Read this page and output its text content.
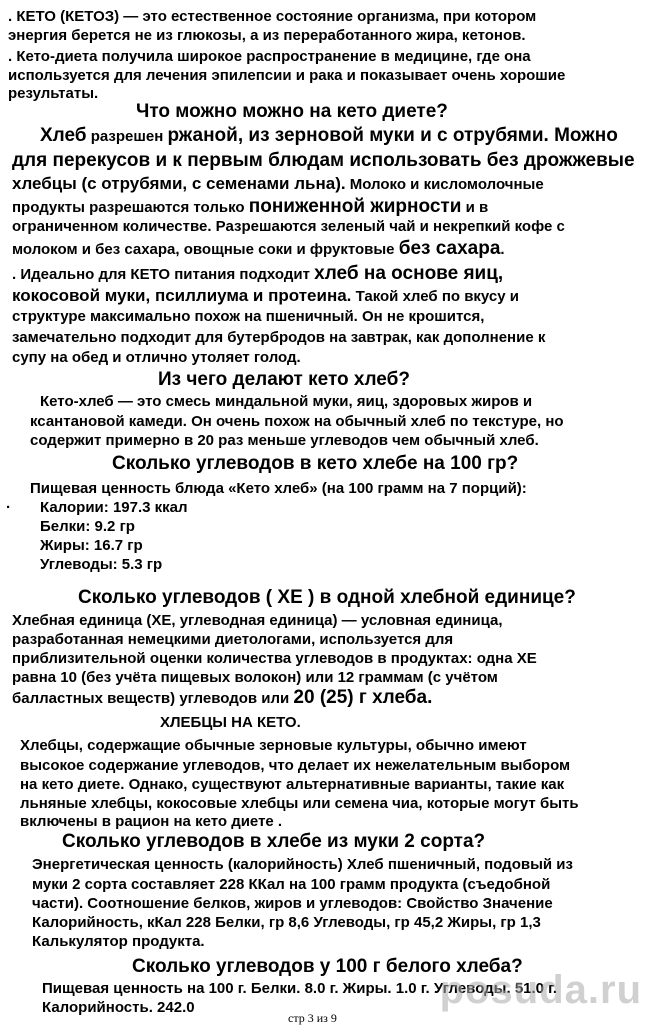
. КЕТО (КЕТОЗ) — это естественное состояние организма, при котором
энергия берется не из глюкозы, а из переработанного жира, кетонов.
. Кето-диета получила широкое распространение в медицине, где она
используется для лечения эпилепсии и рака и показывает очень хорошие
результаты.
Что можно можно на кето диете?
Хлеб разрешен ржаной, из зерновой муки и с отрубями. Можно
для перекусов и к первым блюдам использовать без дрожжевые
хлебцы (с отрубями, с семенами льна). Молоко и кисломолочные
продукты разрешаются только пониженной жирности и в
ограниченном количестве. Разрешаются зеленый чай и некрепкий кофе с
молоком и без сахара, овощные соки и фруктовые без сахара.
. Идеально для КЕТО питания подходит хлеб на основе яиц,
кокосовой муки, псиллиума и протеина. Такой хлеб по вкусу и
структуре максимально похож на пшеничный. Он не крошится,
замечательно подходит для бутербродов на завтрак, как дополнение к
супу на обед и отлично утоляет голод.
Из чего делают кето хлеб?
Кето-хлеб — это смесь миндальной муки, яиц, здоровых жиров и
ксантановой камеди. Он очень похож на обычный хлеб по текстуре, но
содержит примерно в 20 раз меньше углеводов чем обычный хлеб.
Сколько углеводов в кето хлебе на 100 гр?
Пищевая ценность блюда «Кето хлеб» (на 100 грамм на 7 порций):
· Калории: 197.3 ккал
Белки: 9.2 гр
Жиры: 16.7 гр
Углеводы: 5.3 гр
Сколько углеводов ( ХЕ ) в одной хлебной единице?
Хлебная единица (ХЕ, углеводная единица) — условная единица,
разработанная немецкими диетологами, используется для
приблизительной оценки количества углеводов в продуктах: одна ХЕ
равна 10 (без учёта пищевых волокон) или 12 граммам (с учётом
балластных веществ) углеводов или 20 (25) г хлеба.
ХЛЕБЦЫ НА КЕТО.
Хлебцы, содержащие обычные зерновые культуры, обычно имеют
высокое содержание углеводов, что делает их нежелательным выбором
на кето диете. Однако, существуют альтернативные варианты, такие как
льняные хлебцы, кокосовые хлебцы или семена чиа, которые могут быть
включены в рацион на кето диете .
Сколько углеводов в хлебе из муки 2 сорта?
Энергетическая ценность (калорийность) Хлеб пшеничный, подовый из
муки 2 сорта составляет 228 ККал на 100 грамм продукта (съедобной
части). Соотношение белков, жиров и углеводов: Свойство Значение
Калорийность, кКал 228 Белки, гр 8,6 Углеводы, гр 45,2 Жиры, гр 1,3
Калькулятор продукта.
Сколько углеводов у 100 г белого хлеба?
Пищевая ценность на 100 г. Белки. 8.0 г. Жиры. 1.0 г. Углеводы. 51.0 г.
Калорийность. 242.0	posuda.ru
стр 3 из 9
